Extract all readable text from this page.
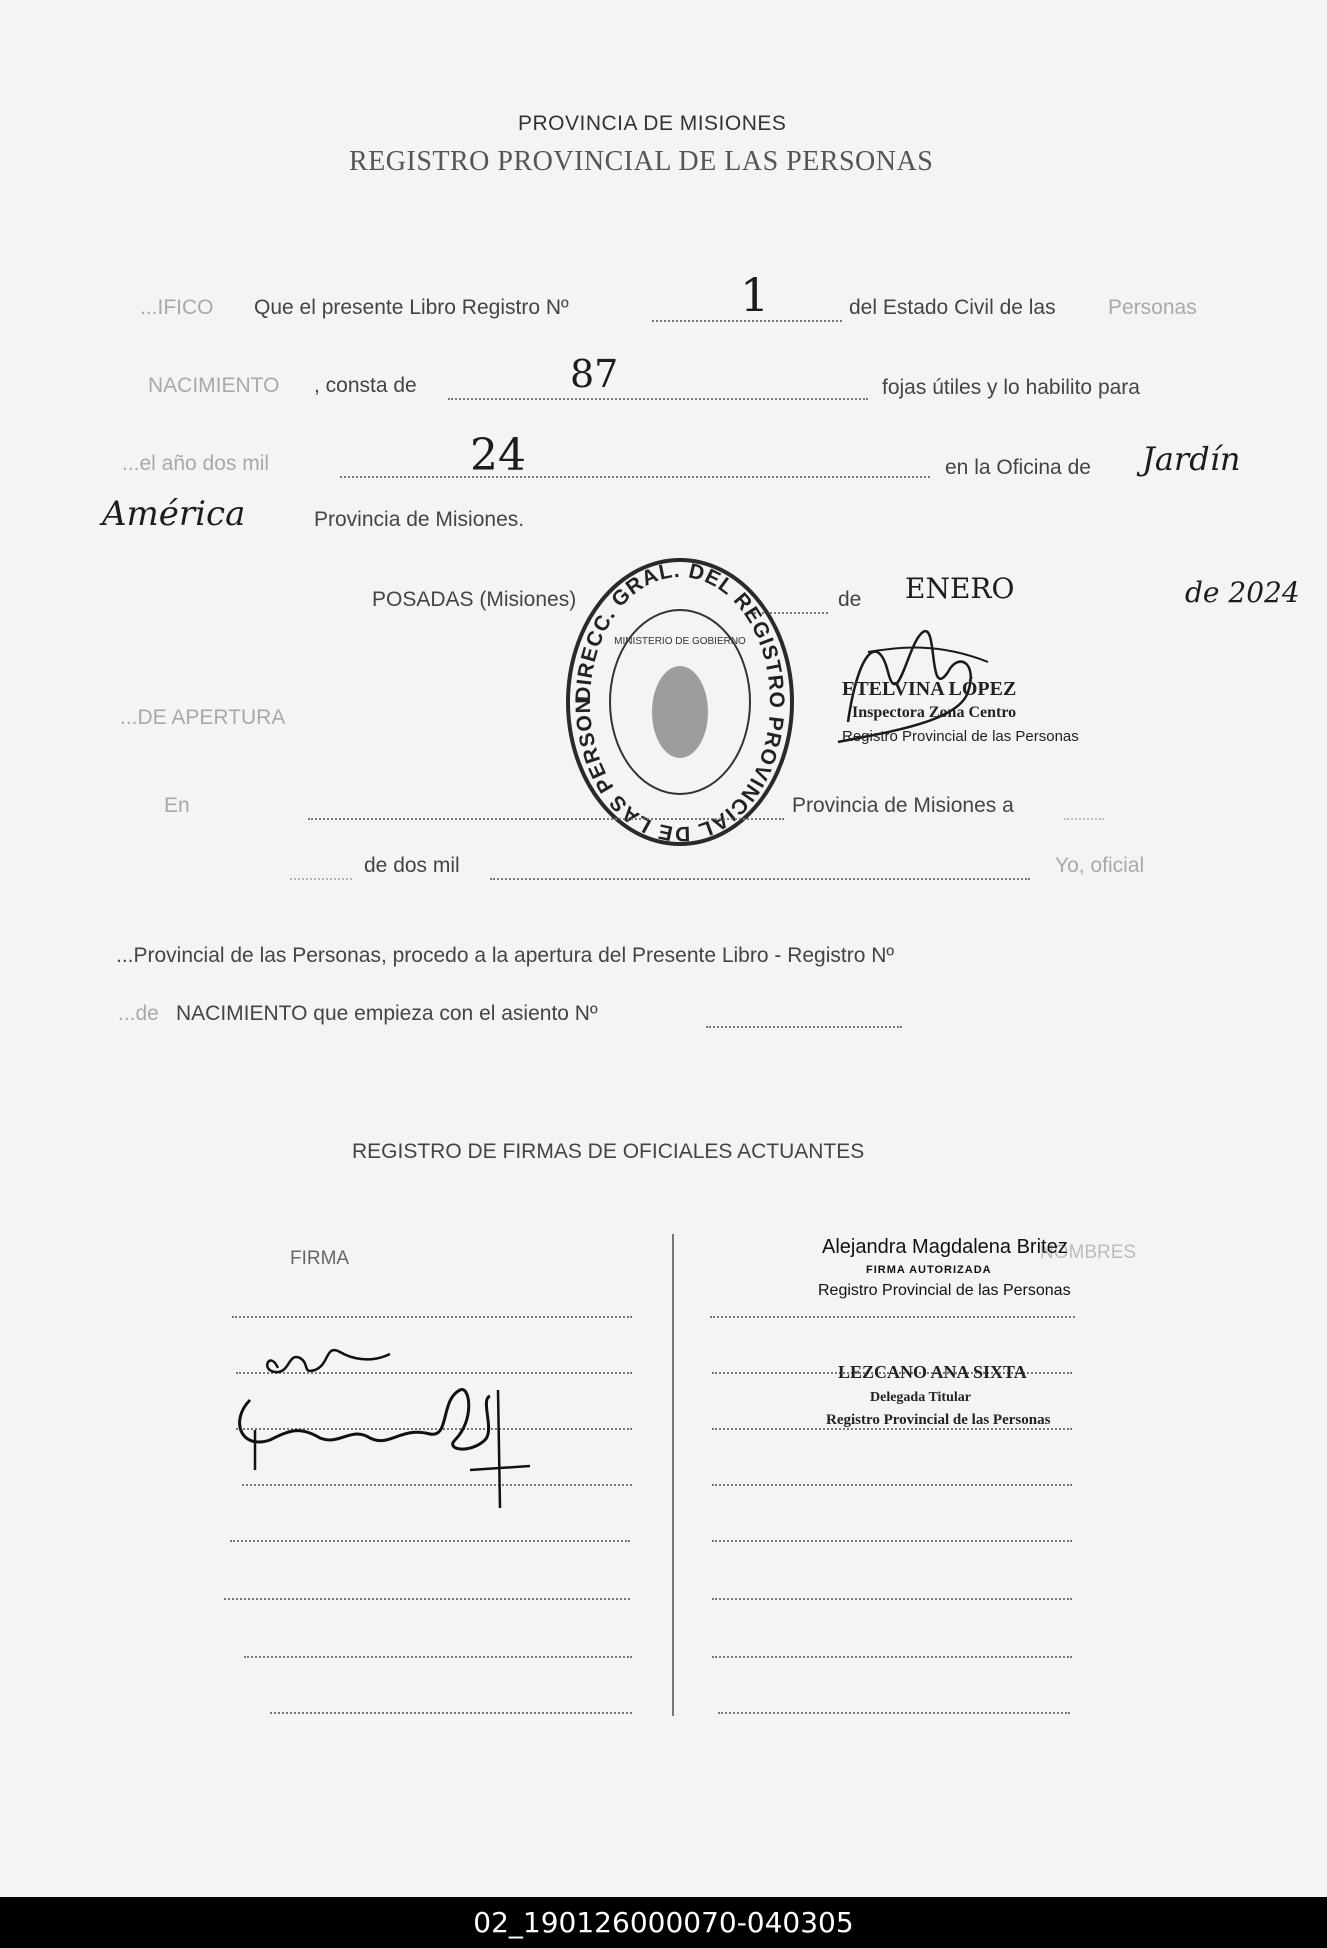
PROVINCIA DE MISIONES
REGISTRO PROVINCIAL DE LAS PERSONAS
...IFICO Que el presente Libro Registro Nº	1	del Estado Civil de las Personas
NACIMIENTO , consta de	87	fojas útiles y lo habilito para
...el año dos mil	24	en la Oficina de Jardín
América	Provincia de Misiones.
POSADAS (Misiones)	de ENERO	de 2024
DIRECC. GRAL. DEL REGISTRO PROVINCIAL DE LAS PERSON
MINISTERIO DE GOBIERNO
ETELVINA LÓPEZ
Inspectora Zona Centro
Registro Provincial de las Personas
...DE APERTURA
En	Provincia de Misiones a
de dos mil	Yo, oficial
...Provincial de las Personas, procedo a la apertura del Presente Libro - Registro Nº
...de NACIMIENTO que empieza con el asiento Nº
REGISTRO DE FIRMAS DE OFICIALES ACTUANTES
FIRMA	NOMBRES
Alejandra Magdalena Britez
FIRMA AUTORIZADA
Registro Provincial de las Personas
LEZCANO ANA SIXTA
Delegada Titular
Registro Provincial de las Personas
02_190126000070-040305
